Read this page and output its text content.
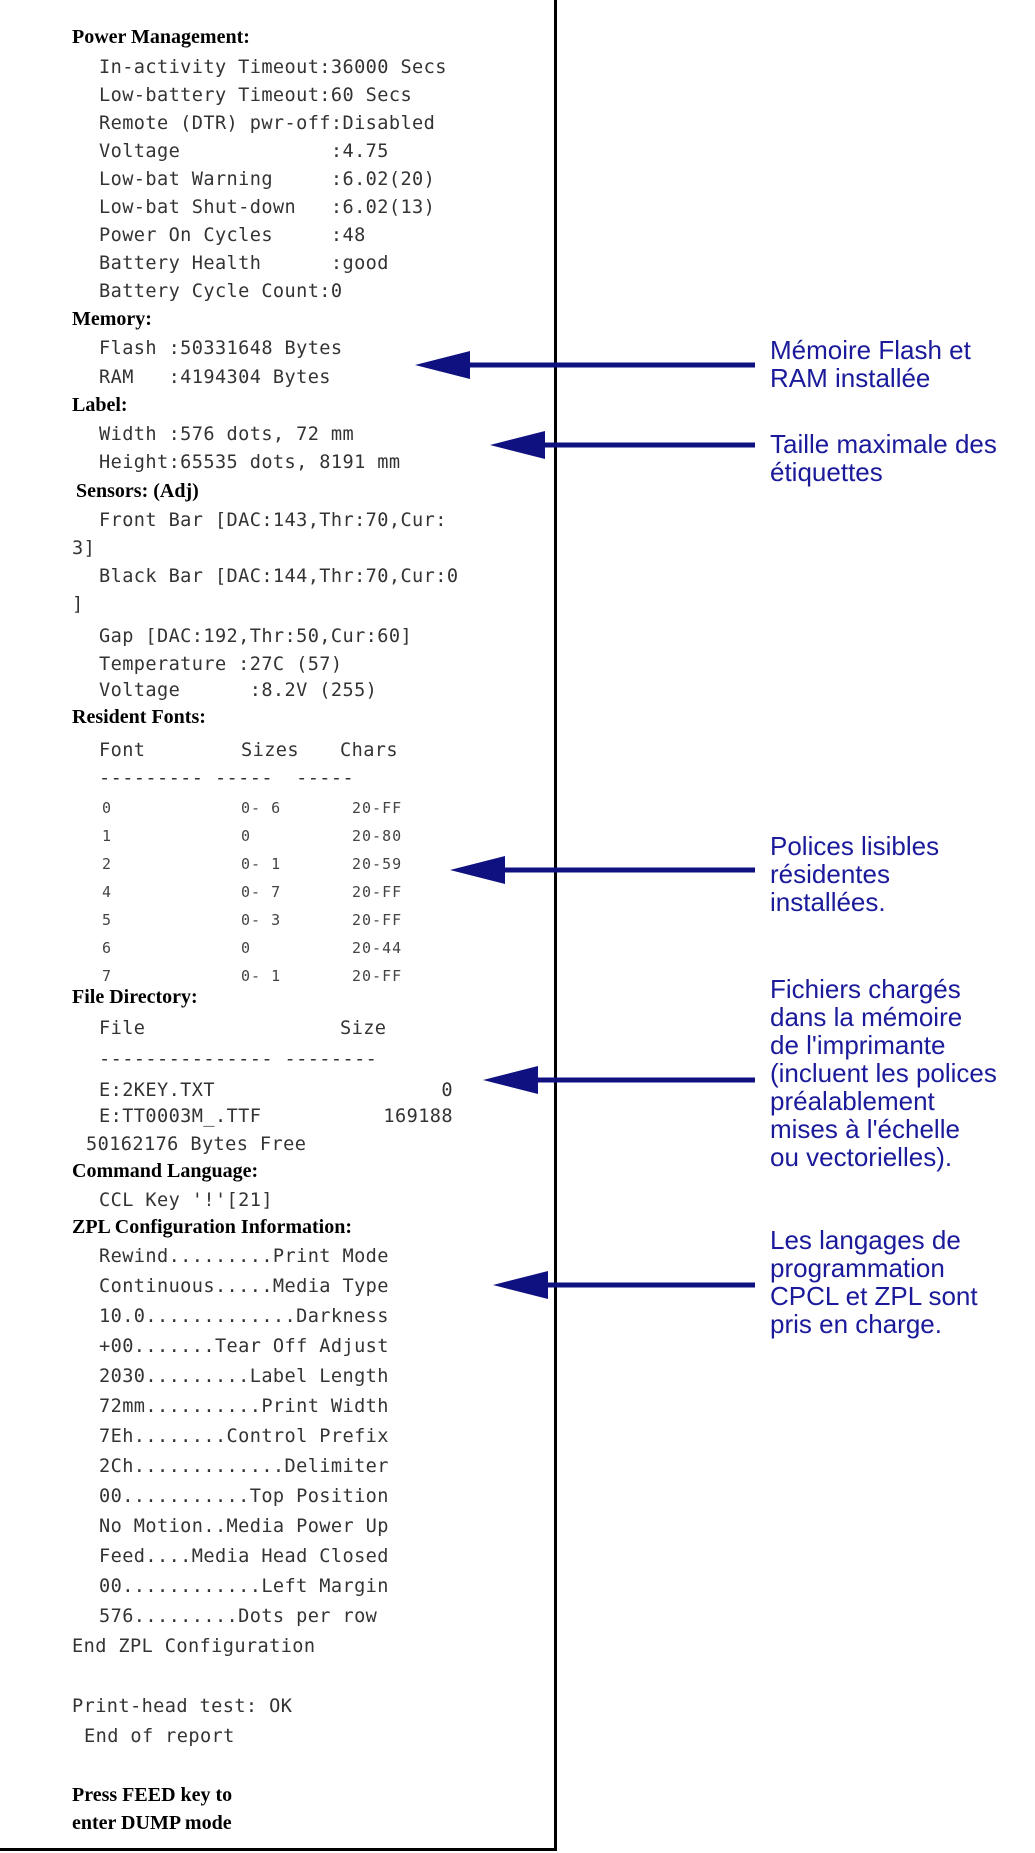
Power Management:
In-activity Timeout:36000 Secs
Low-battery Timeout:60 Secs
Remote (DTR) pwr-off:Disabled
Voltage             :4.75
Low-bat Warning     :6.02(20)
Low-bat Shut-down   :6.02(13)
Power On Cycles     :48
Battery Health      :good
Battery Cycle Count:0
Memory:
Flash :50331648 Bytes
RAM   :4194304 Bytes
Label:
Width :576 dots, 72 mm
Height:65535 dots, 8191 mm
Sensors: (Adj)
Front Bar [DAC:143,Thr:70,Cur:
3]
Black Bar [DAC:144,Thr:70,Cur:0
]
Gap [DAC:192,Thr:50,Cur:60]
Temperature :27C (57)
Voltage      :8.2V (255)
Resident Fonts:
Font	Sizes Chars
--------- -----  -----
0	0- 6	20-FF
1	0	20-80
2	0- 1	20-59
4	0- 7	20-FF
5	0- 3	20-FF
6	0	20-44
7	0- 1	20-FF
File Directory:
File	Size
--------------- --------
E:2KEY.TXT	0
E:TT0003M_.TTF	169188
50162176 Bytes Free
Command Language:
CCL Key '!'[21]
ZPL Configuration Information:
Rewind.........Print Mode
Continuous.....Media Type
10.0.............Darkness
+00.......Tear Off Adjust
2030.........Label Length
72mm..........Print Width
7Eh........Control Prefix
2Ch.............Delimiter
00...........Top Position
No Motion..Media Power Up
Feed....Media Head Closed
00............Left Margin
576.........Dots per row
End ZPL Configuration
Print-head test: OK
End of report
Press FEED key to
enter DUMP mode
Mémoire Flash et
RAM installée
Taille maximale des
étiquettes
Polices lisibles
résidentes
installées.
Fichiers chargés
dans la mémoire
de l'imprimante
(incluent les polices
préalablement
mises à l'échelle
ou vectorielles).
Les langages de
programmation
CPCL et ZPL sont
pris en charge.
